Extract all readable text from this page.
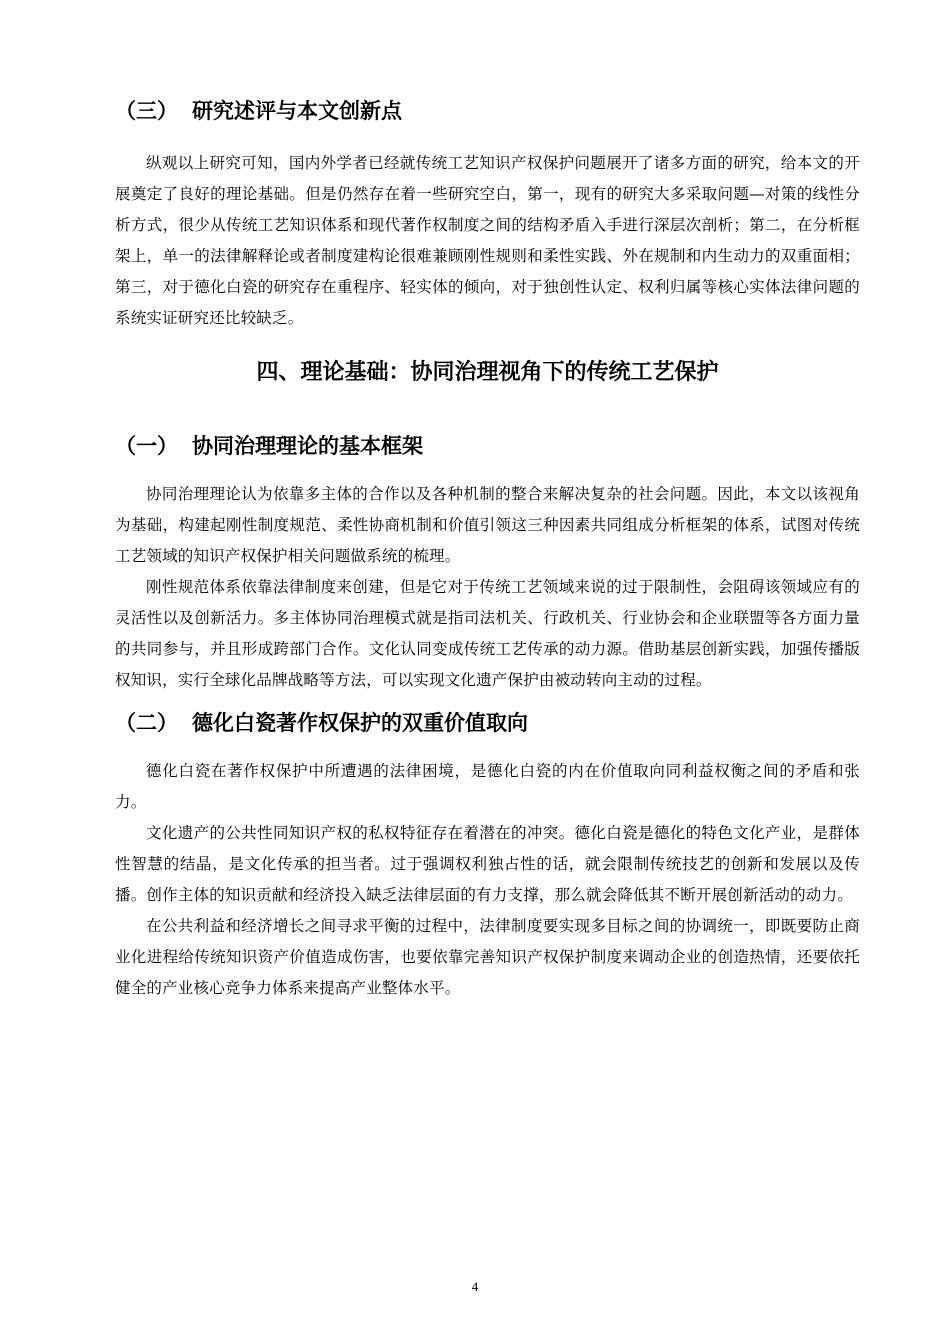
（三） 研究述评与本文创新点

纵观以上研究可知，国内外学者已经就传统工艺知识产权保护问题展开了诸多方面的研究，给本文的开展奠定了良好的理论基础。但是仍然存在着一些研究空白，第一，现有的研究大多采取问题—对策的线性分析方式，很少从传统工艺知识体系和现代著作权制度之间的结构矛盾入手进行深层次剖析；第二，在分析框架上，单一的法律解释论或者制度建构论很难兼顾刚性规则和柔性实践、外在规制和内生动力的双重面相；第三，对于德化白瓷的研究存在重程序、轻实体的倾向，对于独创性认定、权利归属等核心实体法律问题的系统实证研究还比较缺乏。

四、理论基础：协同治理视角下的传统工艺保护
（一） 协同治理理论的基本框架

协同治理理论认为依靠多主体的合作以及各种机制的整合来解决复杂的社会问题。因此，本文以该视角为基础，构建起刚性制度规范、柔性协商机制和价值引领这三种因素共同组成分析框架的体系，试图对传统工艺领域的知识产权保护相关问题做系统的梳理。

刚性规范体系依靠法律制度来创建，但是它对于传统工艺领域来说的过于限制性，会阻碍该领域应有的灵活性以及创新活力。多主体协同治理模式就是指司法机关、行政机关、行业协会和企业联盟等各方面力量的共同参与，并且形成跨部门合作。文化认同变成传统工艺传承的动力源。借助基层创新实践，加强传播版权知识，实行全球化品牌战略等方法，可以实现文化遗产保护由被动转向主动的过程。

（二） 德化白瓷著作权保护的双重价值取向

德化白瓷在著作权保护中所遭遇的法律困境，是德化白瓷的内在价值取向同利益权衡之间的矛盾和张力。

文化遗产的公共性同知识产权的私权特征存在着潜在的冲突。德化白瓷是德化的特色文化产业，是群体性智慧的结晶，是文化传承的担当者。过于强调权利独占性的话，就会限制传统技艺的创新和发展以及传播。创作主体的知识贡献和经济投入缺乏法律层面的有力支撑，那么就会降低其不断开展创新活动的动力。

在公共利益和经济增长之间寻求平衡的过程中，法律制度要实现多目标之间的协调统一，即既要防止商业化进程给传统知识资产价值造成伤害，也要依靠完善知识产权保护制度来调动企业的创造热情，还要依托健全的产业核心竞争力体系来提高产业整体水平。

4
